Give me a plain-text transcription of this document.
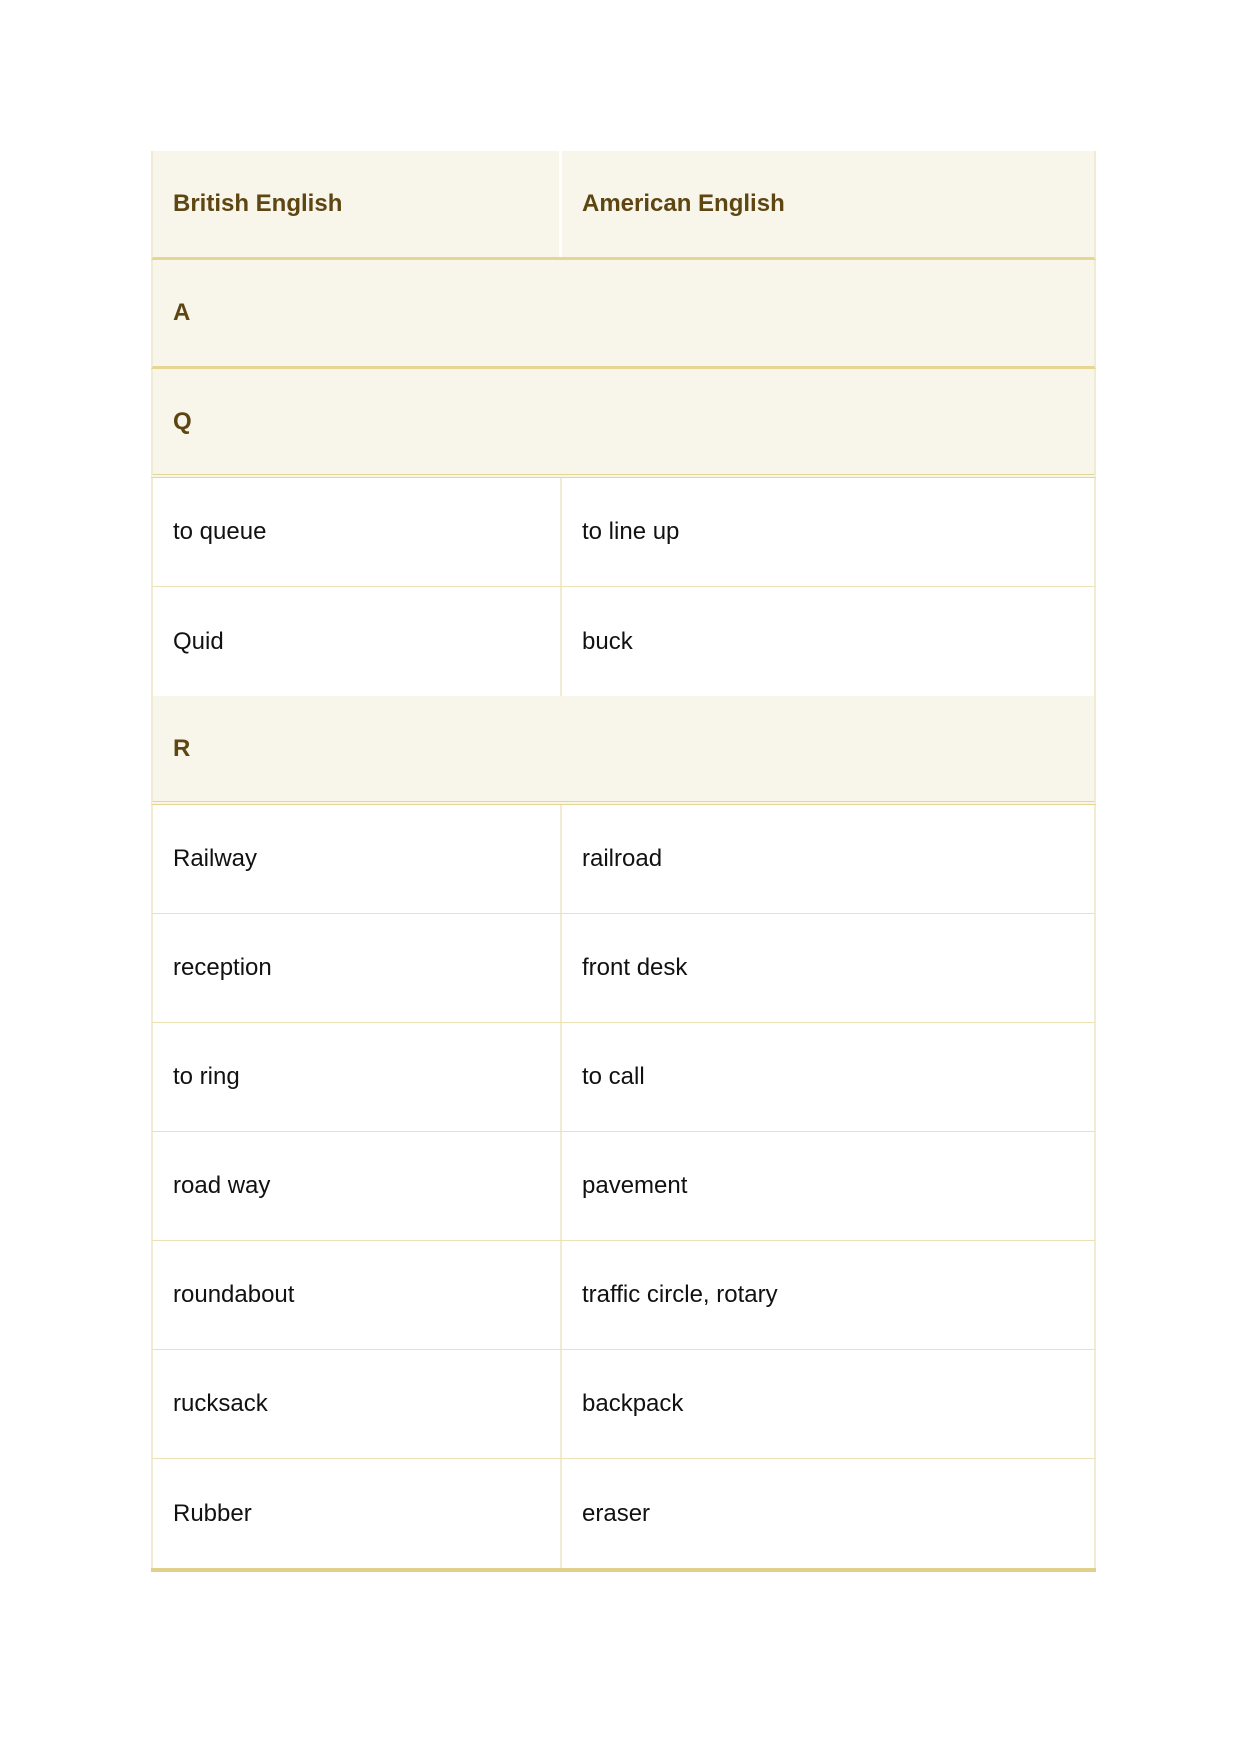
British English	American English
A
Q
to queue	to line up
Quid	buck
R
Railway	railroad
reception	front desk
to ring	to call
road way	pavement
roundabout	traffic circle, rotary
rucksack	backpack
Rubber	eraser
